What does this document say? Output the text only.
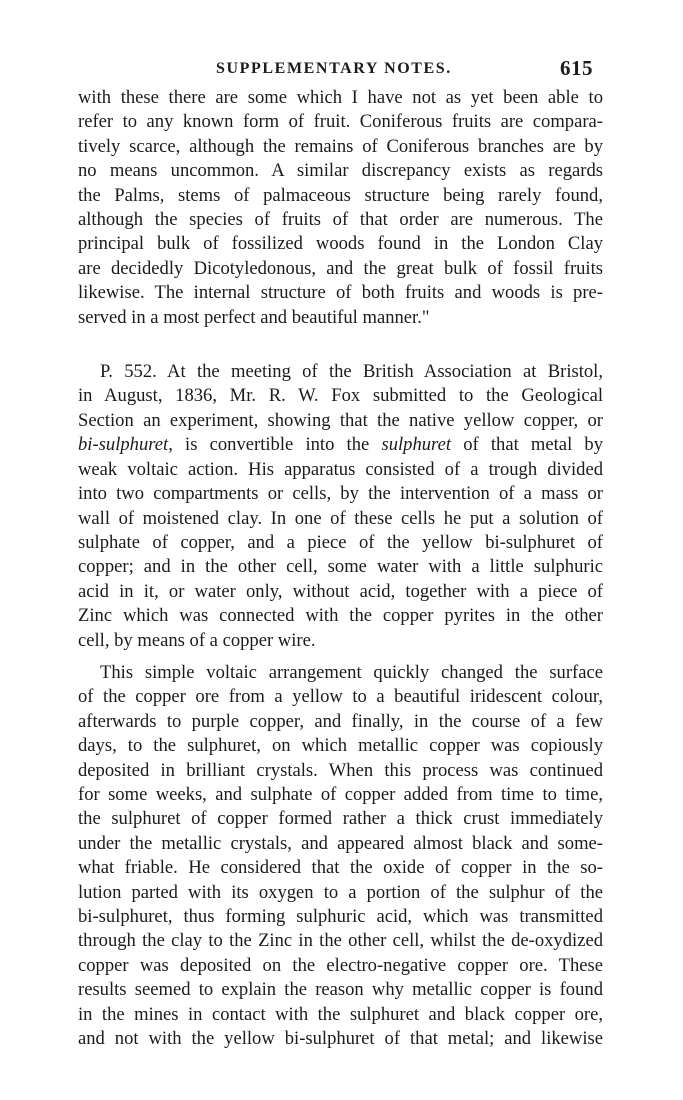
SUPPLEMENTARY NOTES.	615

with these there are some which I have not as yet been able to
refer to any known form of fruit. Coniferous fruits are compara-
tively scarce, although the remains of Coniferous branches are by
no means uncommon. A similar discrepancy exists as regards
the Palms, stems of palmaceous structure being rarely found,
although the species of fruits of that order are numerous. The
principal bulk of fossilized woods found in the London Clay
are decidedly Dicotyledonous, and the great bulk of fossil fruits
likewise. The internal structure of both fruits and woods is pre-
served in a most perfect and beautiful manner."

P. 552. At the meeting of the British Association at Bristol,
in August, 1836, Mr. R. W. Fox submitted to the Geological
Section an experiment, showing that the native yellow copper, or
bi-sulphuret, is convertible into the sulphuret of that metal by
weak voltaic action. His apparatus consisted of a trough divided
into two compartments or cells, by the intervention of a mass or
wall of moistened clay. In one of these cells he put a solution of
sulphate of copper, and a piece of the yellow bi-sulphuret of
copper; and in the other cell, some water with a little sulphuric
acid in it, or water only, without acid, together with a piece of
Zinc which was connected with the copper pyrites in the other
cell, by means of a copper wire.

This simple voltaic arrangement quickly changed the surface
of the copper ore from a yellow to a beautiful iridescent colour,
afterwards to purple copper, and finally, in the course of a few
days, to the sulphuret, on which metallic copper was copiously
deposited in brilliant crystals. When this process was continued
for some weeks, and sulphate of copper added from time to time,
the sulphuret of copper formed rather a thick crust immediately
under the metallic crystals, and appeared almost black and some-
what friable. He considered that the oxide of copper in the so-
lution parted with its oxygen to a portion of the sulphur of the
bi-sulphuret, thus forming sulphuric acid, which was transmitted
through the clay to the Zinc in the other cell, whilst the de-oxydized
copper was deposited on the electro-negative copper ore. These
results seemed to explain the reason why metallic copper is found
in the mines in contact with the sulphuret and black copper ore,
and not with the yellow bi-sulphuret of that metal; and likewise
